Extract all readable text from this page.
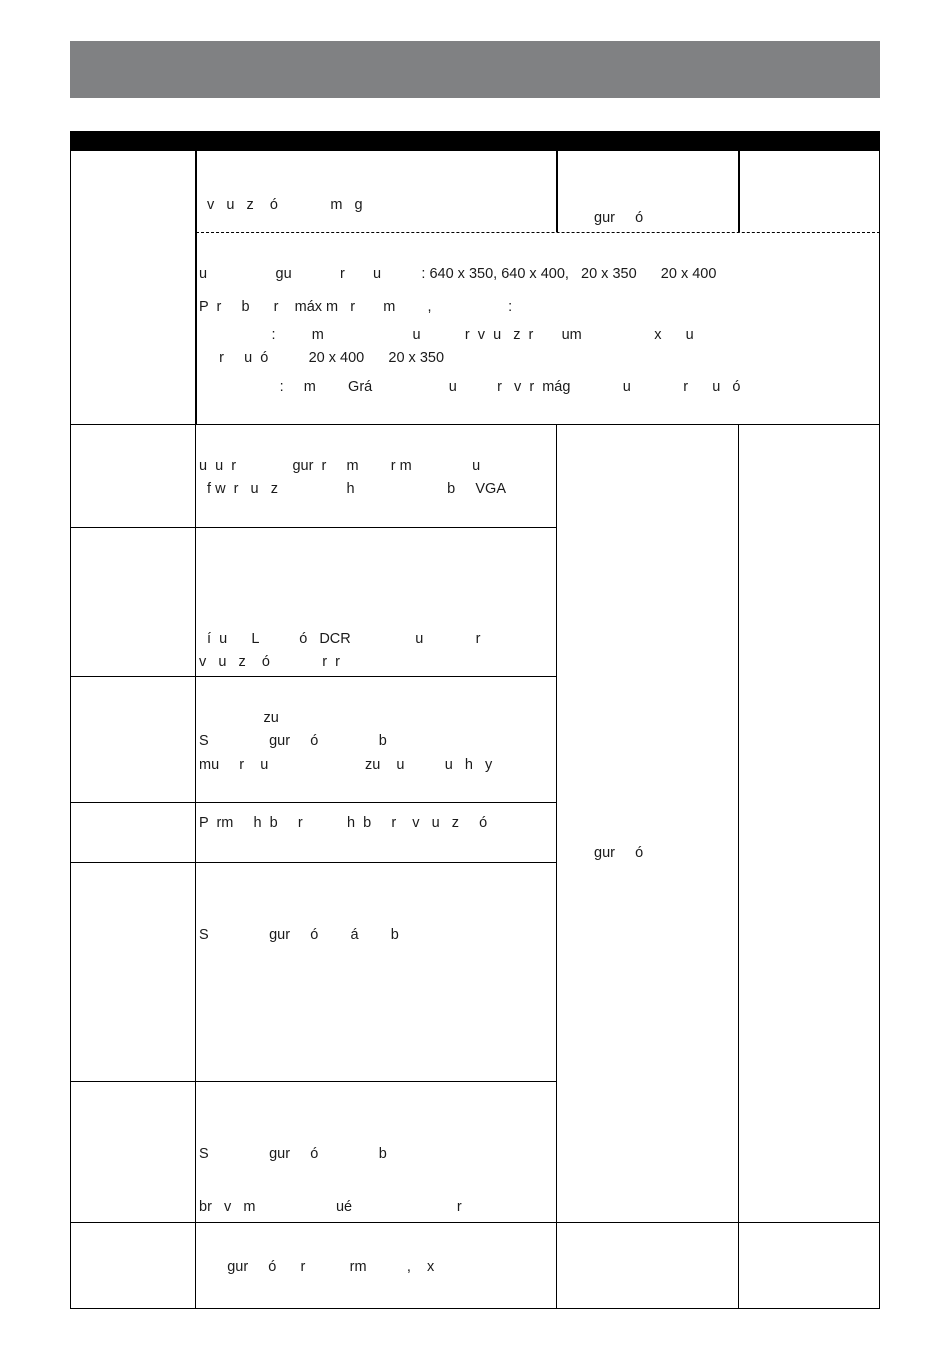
v   u   z    ó             m   g
gur     ó
u                 gu            r       u          : 640 x 350, 640 x 400,   20 x 350      20 x 400
P  r     b      r    máx m   r       m        ,                   :
:         m                      u           r  v  u   z  r       um                  x      u
r     u  ó          20 x 400      20 x 350
:     m        Grá                   u          r   v  r  mág             u             r      u   ó
u  u  r              gur  r     m        r m               u
f w  r   u   z                 h                       b     VGA
í  u      L          ó   DCR                u             r
v   u   z    ó             r  r
zu
S               gur     ó               b
mu     r    u                        zu    u          u   h   y
P  rm     h  b     r           h  b     r    v   u   z     ó
gur     ó
S               gur     ó        á        b
S               gur     ó               b
br   v   m                    ué                          r
gur     ó      r           rm          ,    x
